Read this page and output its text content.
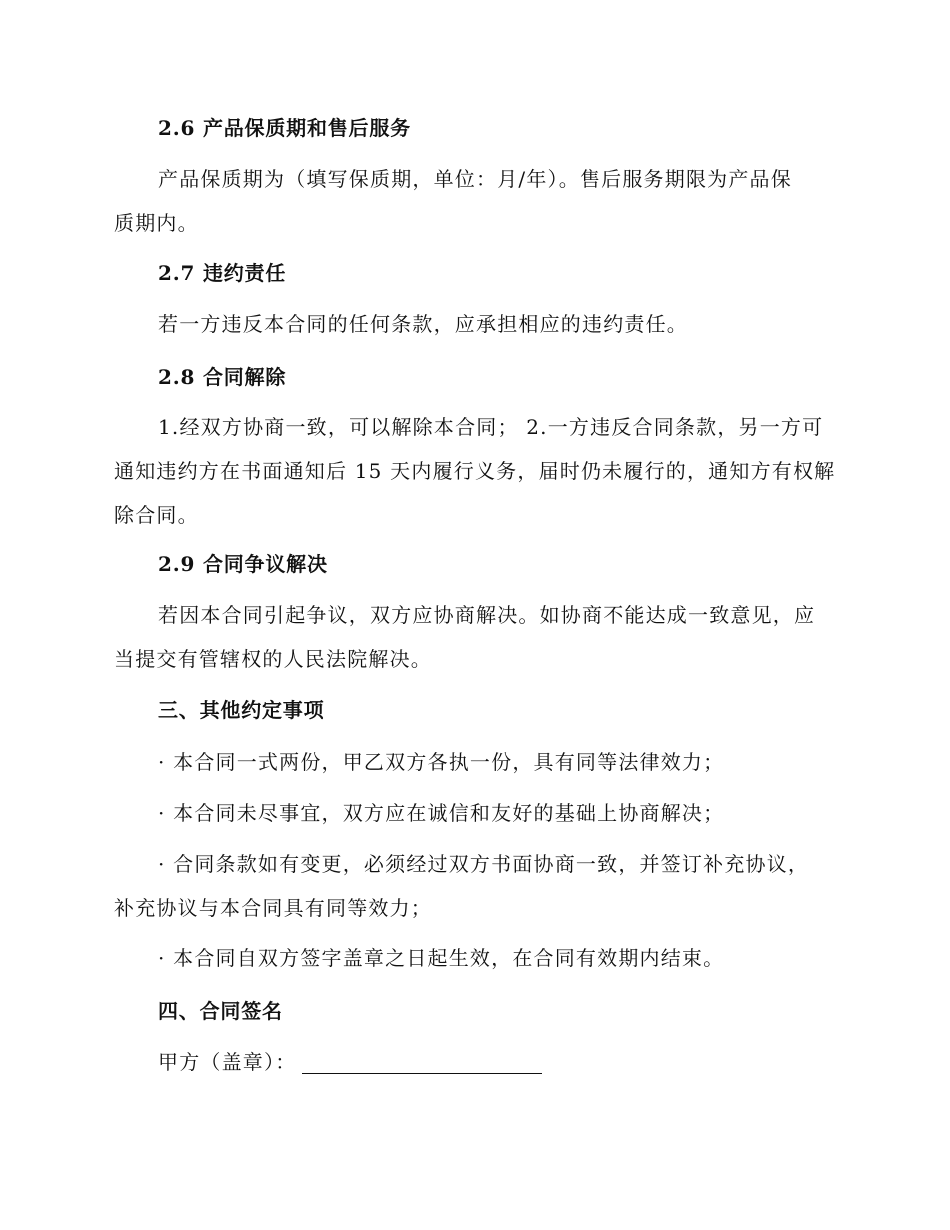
2.6 产品保质期和售后服务
产品保质期为（填写保质期，单位：月/年）。售后服务期限为产品保
质期内。
2.7 违约责任
若一方违反本合同的任何条款，应承担相应的违约责任。
2.8 合同解除
1.经双方协商一致，可以解除本合同； 2.一方违反合同条款，另一方可
通知违约方在书面通知后 15 天内履行义务，届时仍未履行的，通知方有权解
除合同。
2.9 合同争议解决
若因本合同引起争议，双方应协商解决。如协商不能达成一致意见，应
当提交有管辖权的人民法院解决。
三、其他约定事项
· 本合同一式两份，甲乙双方各执一份，具有同等法律效力；
· 本合同未尽事宜，双方应在诚信和友好的基础上协商解决；
· 合同条款如有变更，必须经过双方书面协商一致，并签订补充协议，
补充协议与本合同具有同等效力；
· 本合同自双方签字盖章之日起生效，在合同有效期内结束。
四、合同签名
甲方（盖章）：
